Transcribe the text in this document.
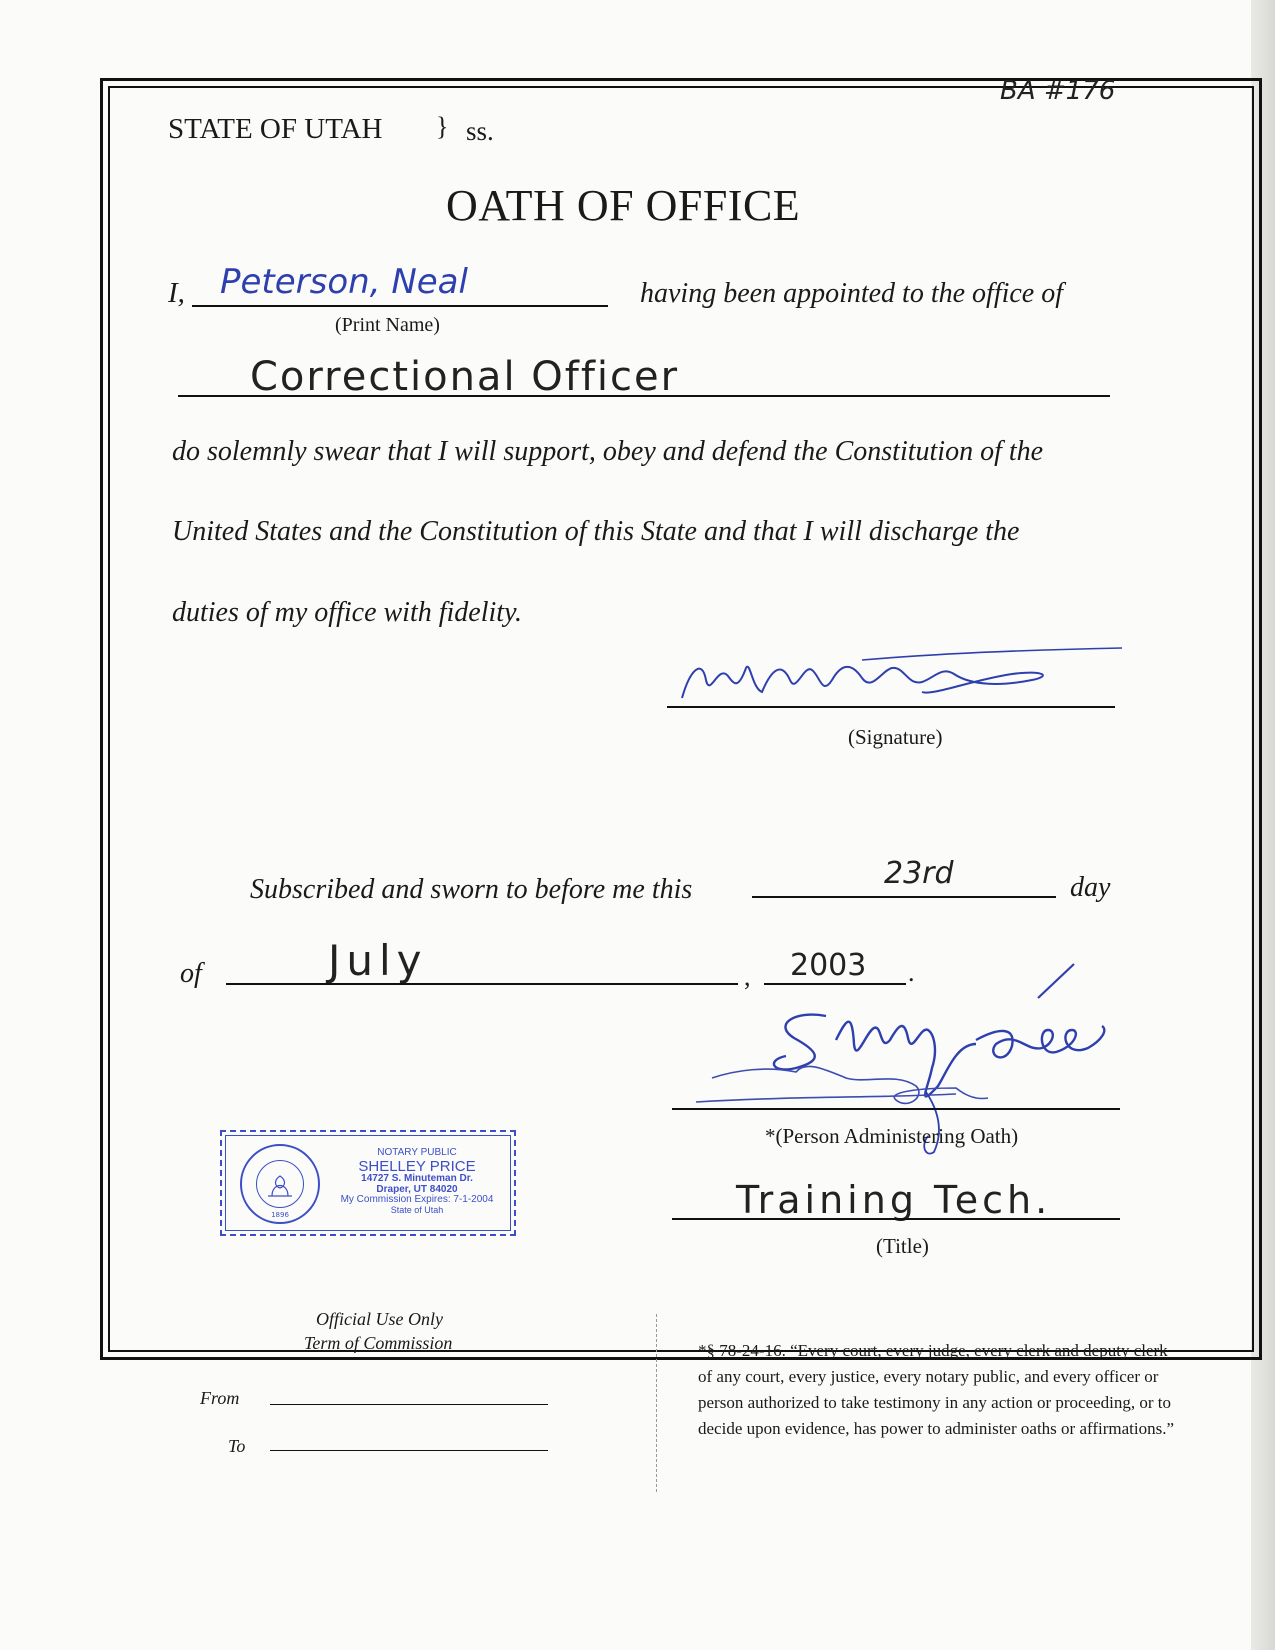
BA #176
STATE OF UTAH } ss.
OATH OF OFFICE
I, Peterson, Neal
(Print Name)
having been appointed to the office of
Correctional Officer
do solemnly swear that I will support, obey and defend the Constitution of the
United States and the Constitution of this State and that I will discharge the
duties of my office with fidelity.
(Signature)
Subscribed and sworn to before me this	23rd	day
of	July	, 2003 .
*(Person Administering Oath)
Training Tech.
(Title)
1896
NOTARY PUBLIC
SHELLEY PRICE
14727 S. Minuteman Dr.
Draper, UT 84020
My Commission Expires: 7-1-2004
State of Utah
Official Use Only
Term of Commission
From
To
*§ 78-24-16. “Every court, every judge, every clerk and deputy clerk of any court, every justice, every notary public, and every officer or person authorized to take testimony in any action or proceeding, or to decide upon evidence, has power to administer oaths or affirmations.”
